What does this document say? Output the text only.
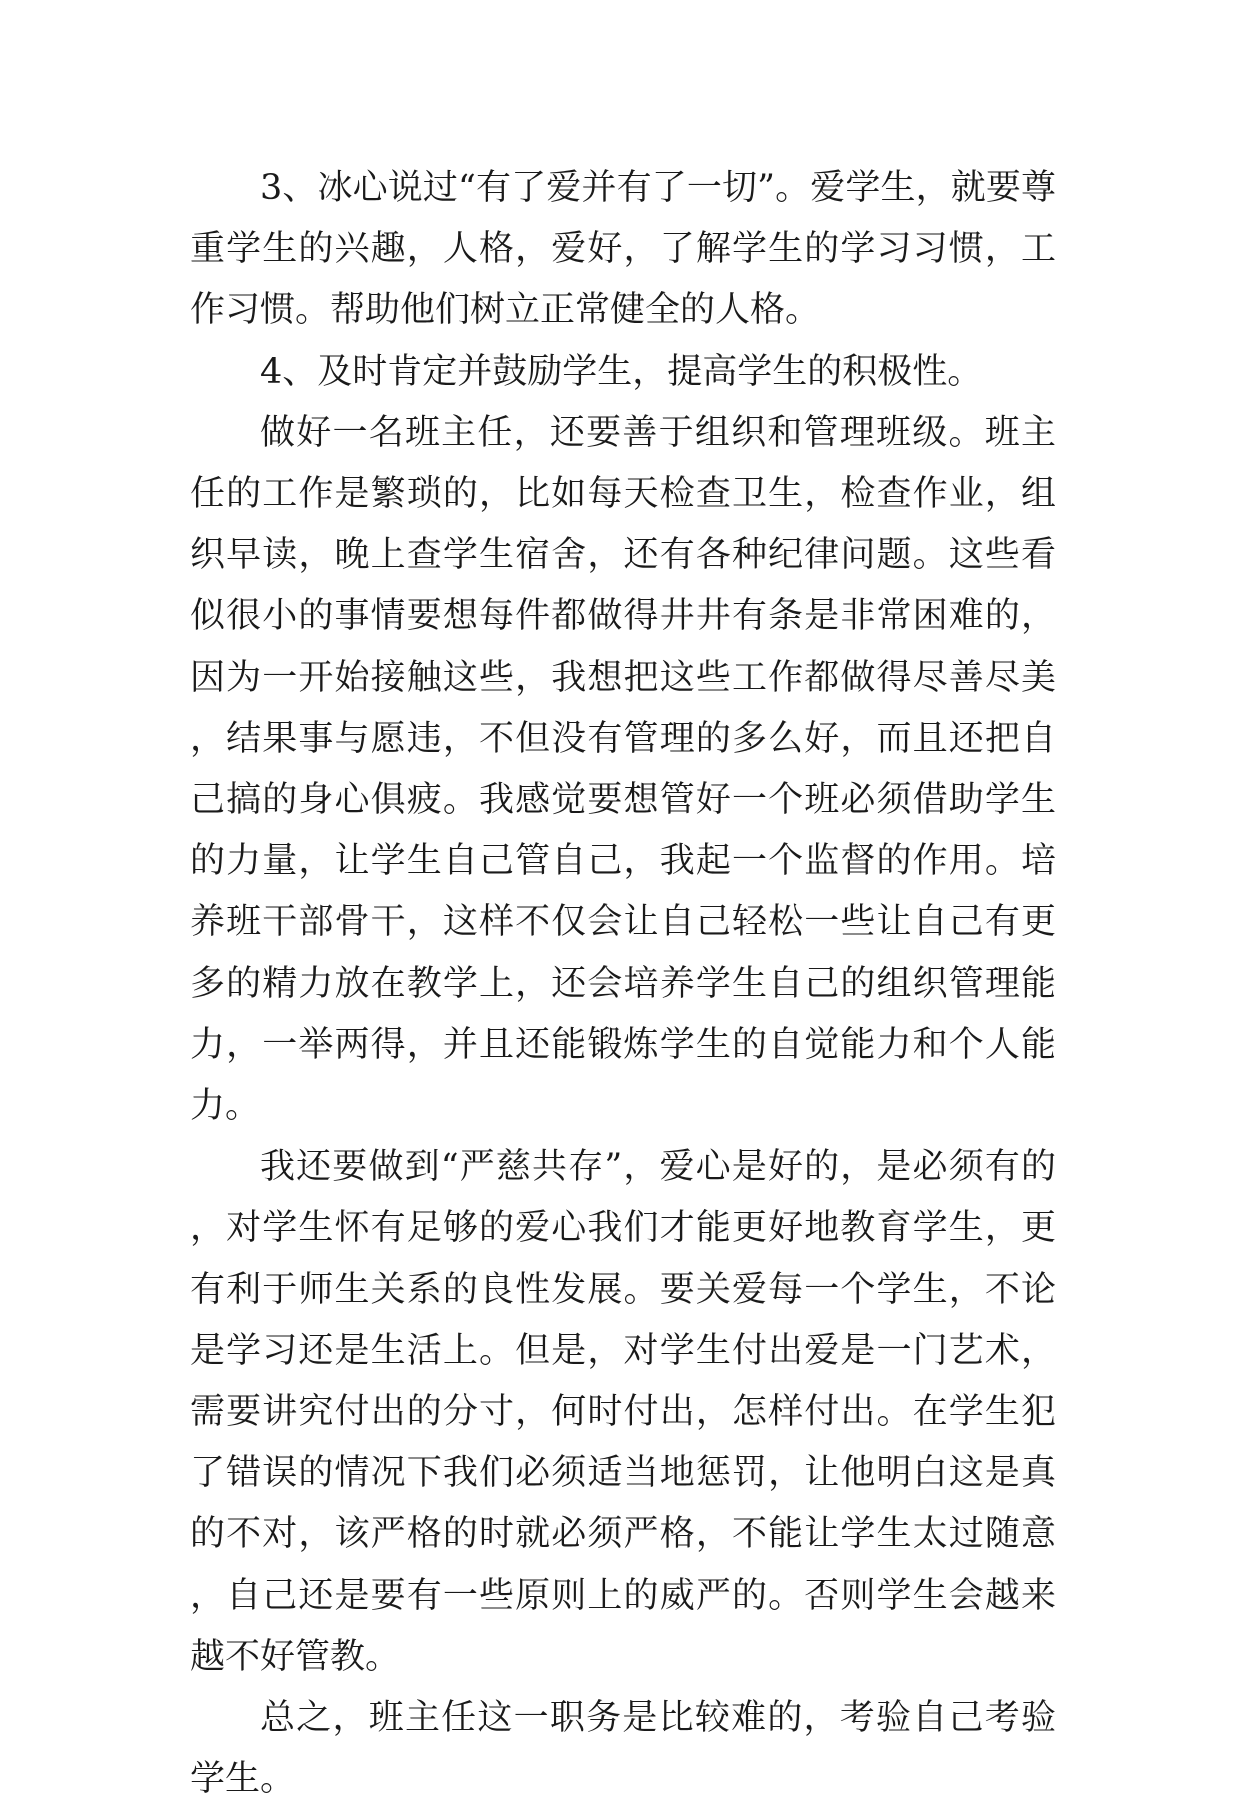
3、冰心说过“有了爱并有了一切”。爱学生，就要尊重学生的兴趣，人格，爱好，了解学生的学习习惯，工作习惯。帮助他们树立正常健全的人格。

4、及时肯定并鼓励学生，提高学生的积极性。

做好一名班主任，还要善于组织和管理班级。班主任的工作是繁琐的，比如每天检查卫生，检查作业，组织早读，晚上查学生宿舍，还有各种纪律问题。这些看似很小的事情要想每件都做得井井有条是非常困难的，因为一开始接触这些，我想把这些工作都做得尽善尽美，结果事与愿违，不但没有管理的多么好，而且还把自己搞的身心俱疲。我感觉要想管好一个班必须借助学生的力量，让学生自己管自己，我起一个监督的作用。培养班干部骨干，这样不仅会让自己轻松一些让自己有更多的精力放在教学上，还会培养学生自己的组织管理能力，一举两得，并且还能锻炼学生的自觉能力和个人能力。

我还要做到“严慈共存”，爱心是好的，是必须有的，对学生怀有足够的爱心我们才能更好地教育学生，更有利于师生关系的良性发展。要关爱每一个学生，不论是学习还是生活上。但是，对学生付出爱是一门艺术，需要讲究付出的分寸，何时付出，怎样付出。在学生犯了错误的情况下我们必须适当地惩罚，让他明白这是真的不对，该严格的时就必须严格，不能让学生太过随意，自己还是要有一些原则上的威严的。否则学生会越来越不好管教。

总之，班主任这一职务是比较难的，考验自己考验学生。
